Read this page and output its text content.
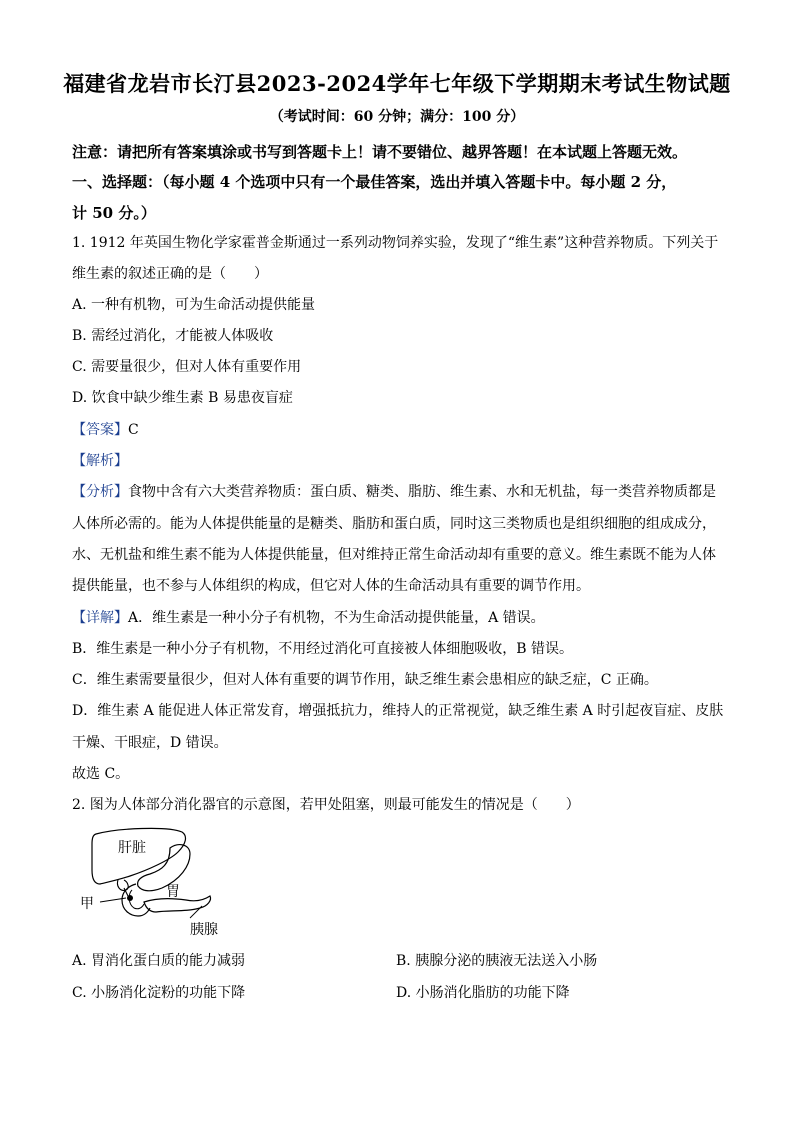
福建省龙岩市长汀县2023-2024学年七年级下学期期末考试生物试题
（考试时间：60 分钟；满分：100 分）
注意：请把所有答案填涂或书写到答题卡上！请不要错位、越界答题！在本试题上答题无效。
一、选择题：（每小题 4 个选项中只有一个最佳答案，选出并填入答题卡中。每小题 2 分，
计 50 分。）
1. 1912 年英国生物化学家霍普金斯通过一系列动物饲养实验，发现了“维生素”这种营养物质。下列关于
维生素的叙述正确的是（　　）
A. 一种有机物，可为生命活动提供能量
B. 需经过消化，才能被人体吸收
C. 需要量很少，但对人体有重要作用
D. 饮食中缺少维生素 B 易患夜盲症
【答案】C
【解析】
【分析】食物中含有六大类营养物质：蛋白质、糖类、脂肪、维生素、水和无机盐，每一类营养物质都是
人体所必需的。能为人体提供能量的是糖类、脂肪和蛋白质，同时这三类物质也是组织细胞的组成成分，
水、无机盐和维生素不能为人体提供能量，但对维持正常生命活动却有重要的意义。维生素既不能为人体
提供能量，也不参与人体组织的构成，但它对人体的生命活动具有重要的调节作用。
【详解】A．维生素是一种小分子有机物，不为生命活动提供能量，A 错误。
B．维生素是一种小分子有机物，不用经过消化可直接被人体细胞吸收，B 错误。
C．维生素需要量很少，但对人体有重要的调节作用，缺乏维生素会患相应的缺乏症，C 正确。
D．维生素 A 能促进人体正常发育，增强抵抗力，维持人的正常视觉，缺乏维生素 A 时引起夜盲症、皮肤
干燥、干眼症，D 错误。
故选 C。
2. 图为人体部分消化器官的示意图，若甲处阻塞，则最可能发生的情况是（　　）
肝脏
胃
甲
胰腺
A. 胃消化蛋白质的能力减弱	B. 胰腺分泌的胰液无法送入小肠
C. 小肠消化淀粉的功能下降	D. 小肠消化脂肪的功能下降
